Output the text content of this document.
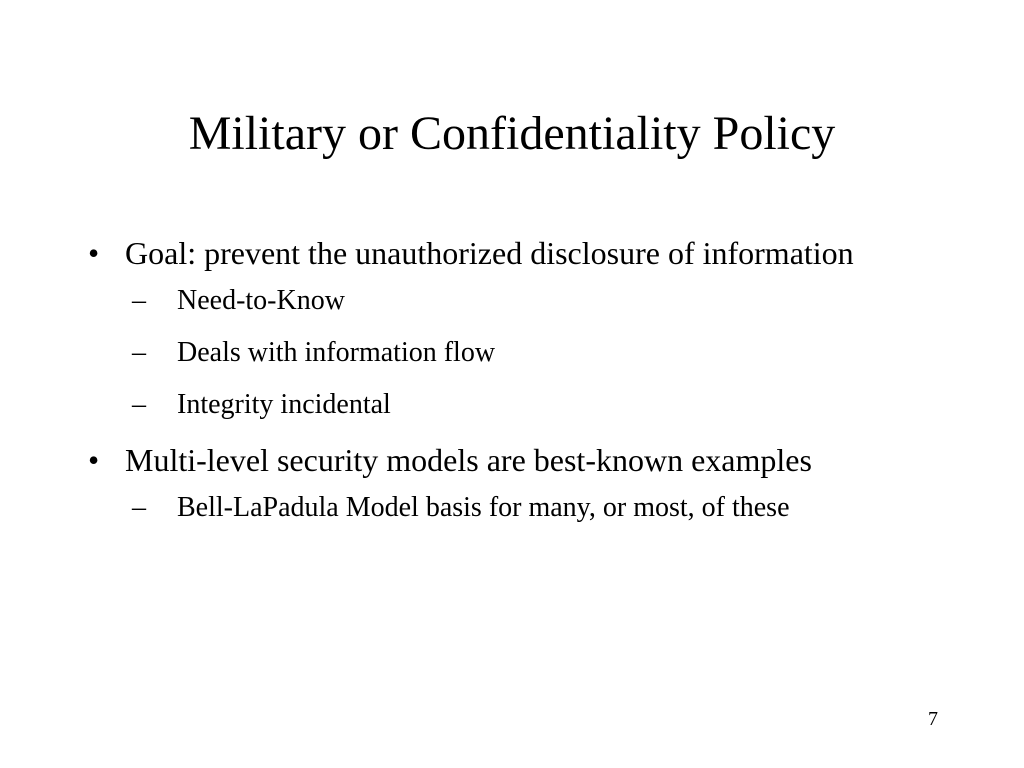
Military or Confidentiality Policy
• Goal: prevent the unauthorized disclosure of information
– Need-to-Know
– Deals with information flow
– Integrity incidental
• Multi-level security models are best-known examples
– Bell-LaPadula Model basis for many, or most, of these
7
